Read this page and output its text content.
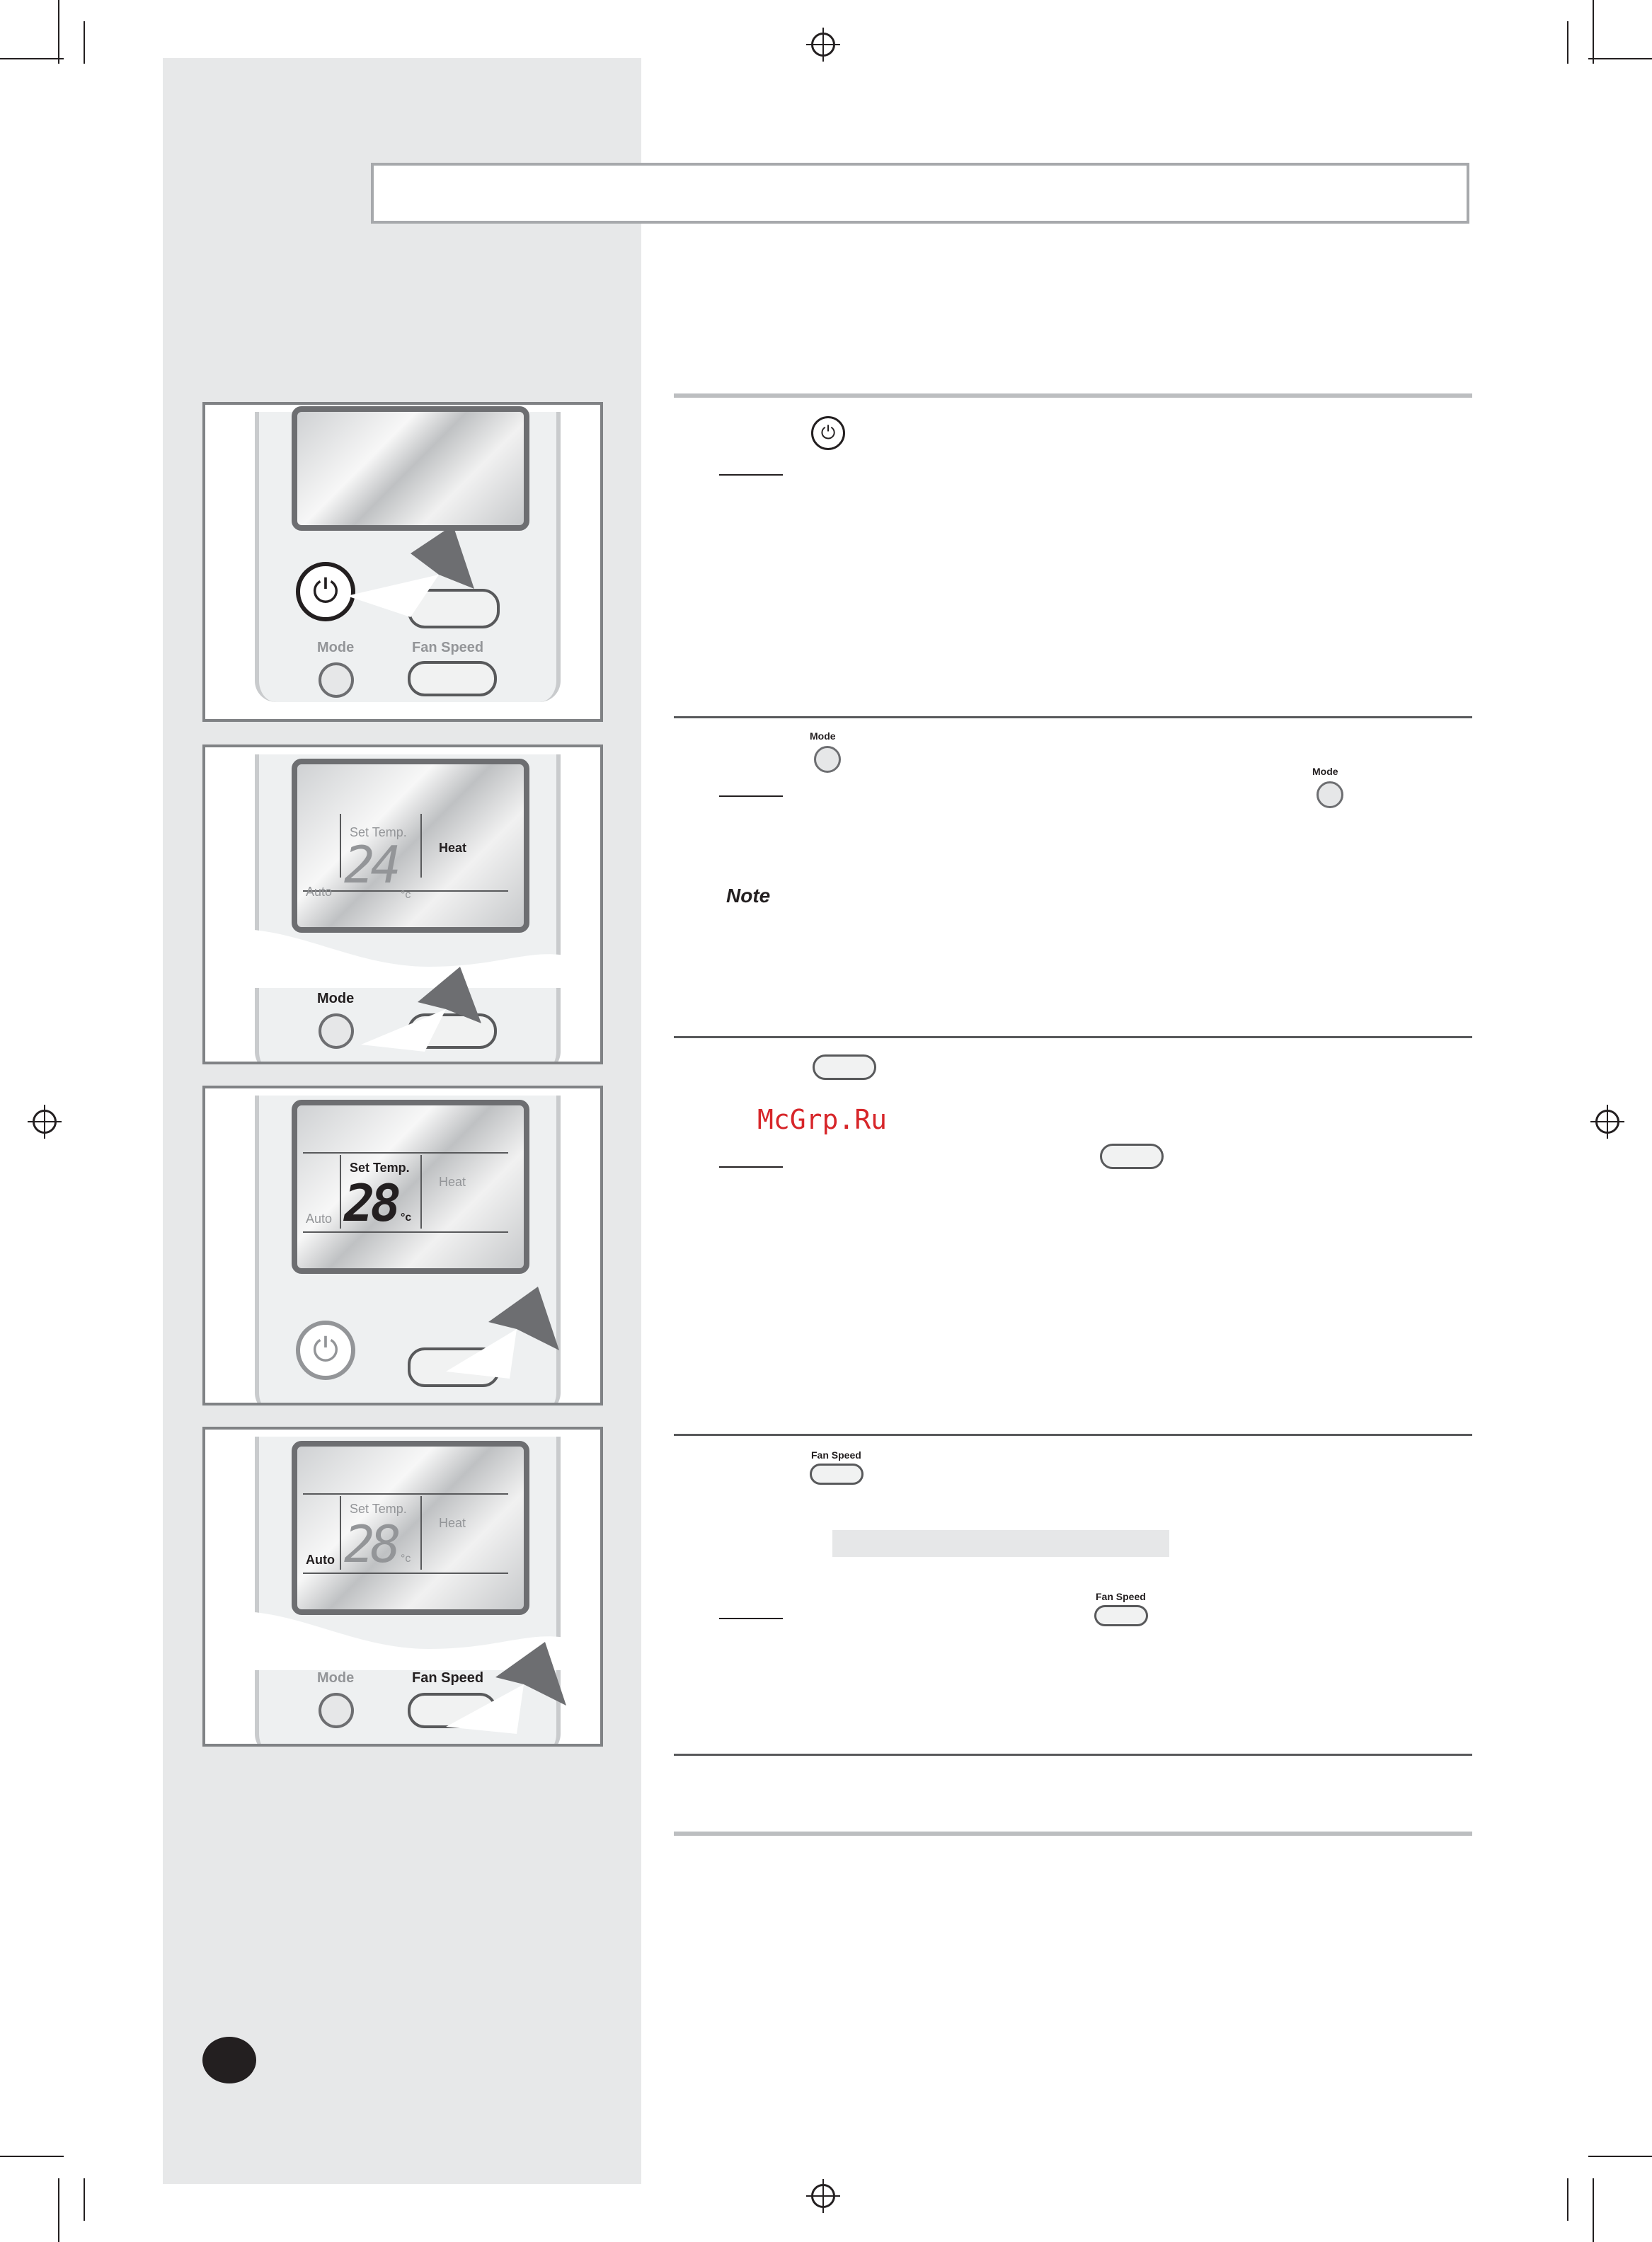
⏻
Mode
Mode
Note
McGrp.Ru
Fan Speed
Fan Speed
⏻
Mode	Fan Speed
Set Temp.
Heat
Auto 24
°c
Mode
Set Temp.
Heat
Auto 28 °c
⏻
Set Temp.
Heat
Auto 28 °c
Mode	Fan Speed
